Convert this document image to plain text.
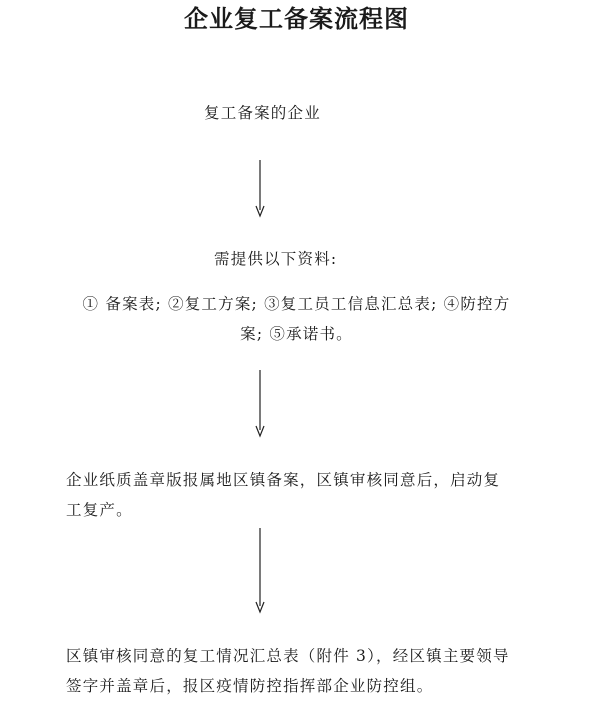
企业复工备案流程图
复工备案的企业
需提供以下资料:
① 备案表; ②复工方案; ③复工员工信息汇总表; ④防控方
案; ⑤承诺书。
企业纸质盖章版报属地区镇备案，区镇审核同意后，启动复
工复产。
区镇审核同意的复工情况汇总表（附件 3），经区镇主要领导
签字并盖章后，报区疫情防控指挥部企业防控组。
